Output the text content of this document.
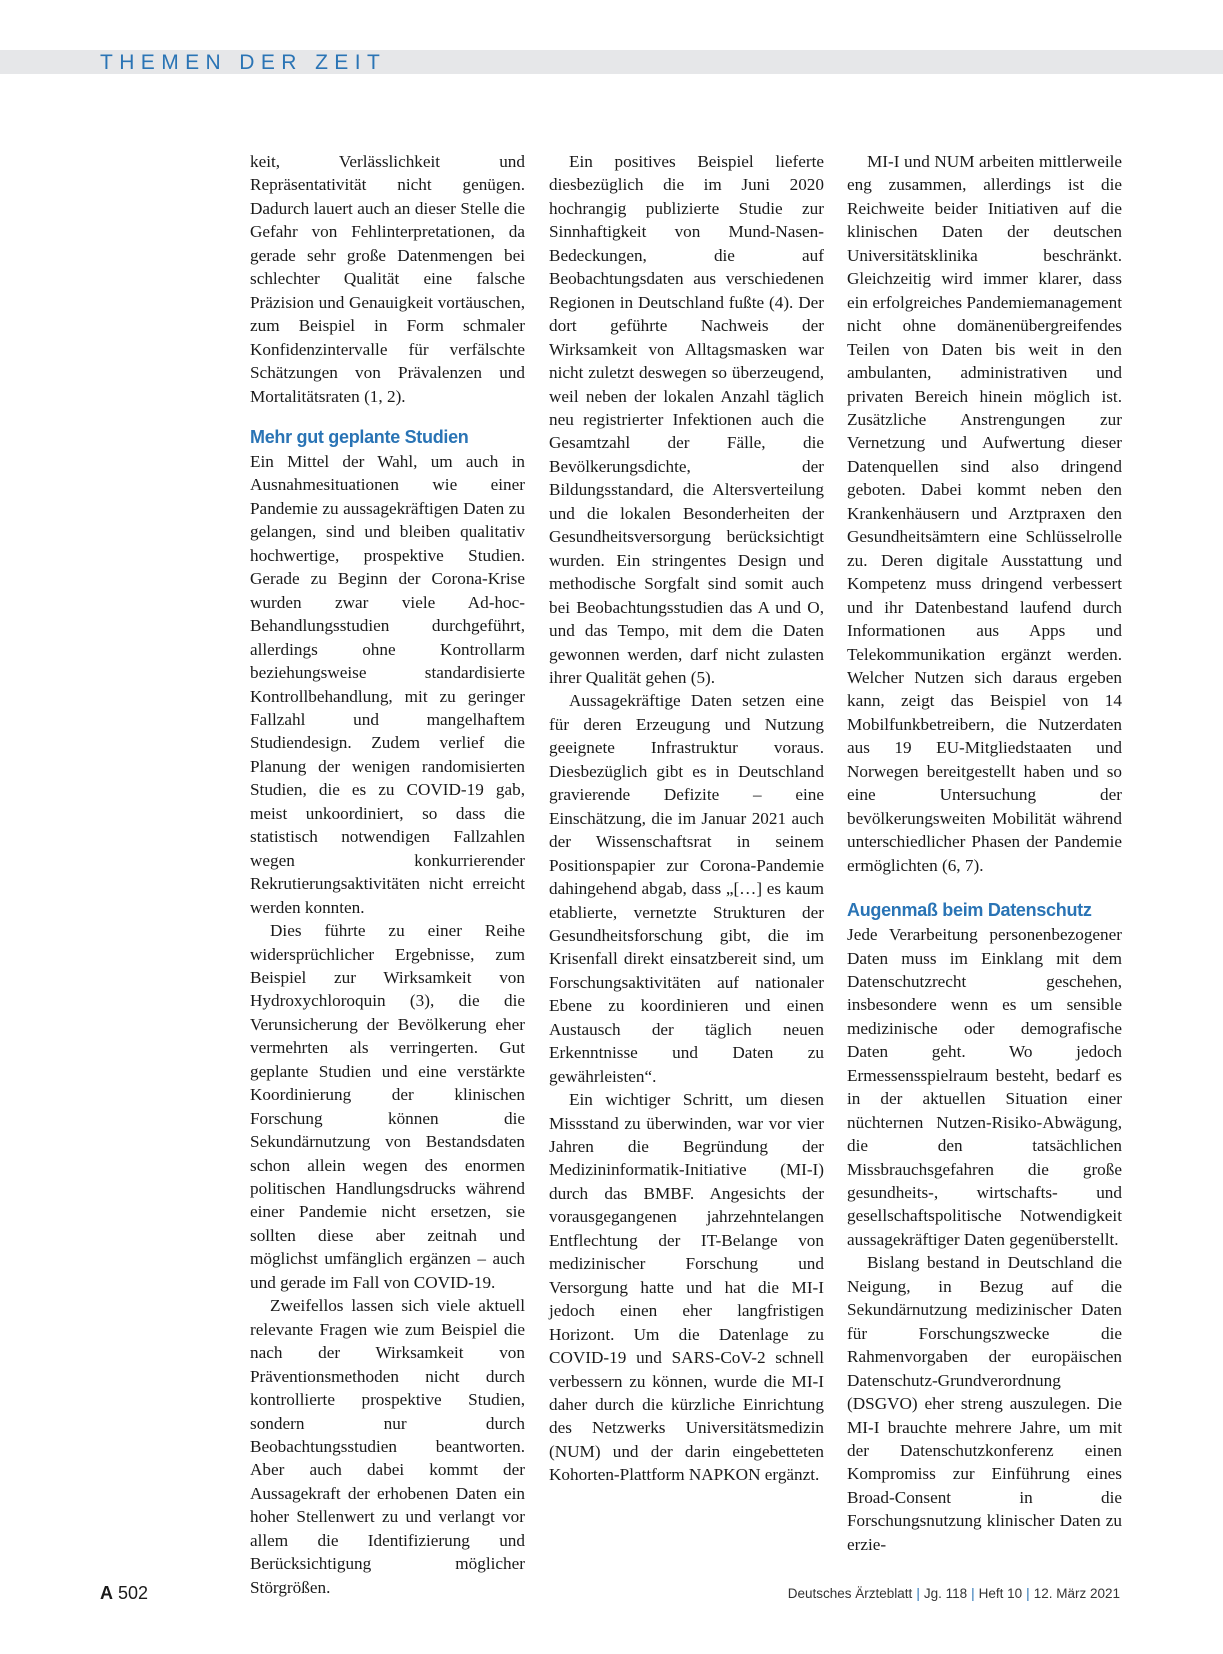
THEMEN DER ZEIT

keit, Verlässlichkeit und Repräsentativität nicht genügen. Dadurch lauert auch an dieser Stelle die Gefahr von Fehlinterpretationen, da gerade sehr große Datenmengen bei schlechter Qualität eine falsche Präzision und Genauigkeit vortäuschen, zum Beispiel in Form schmaler Konfidenzintervalle für verfälschte Schätzungen von Prävalenzen und Mortalitätsraten (1, 2).

Mehr gut geplante Studien

Ein Mittel der Wahl, um auch in Ausnahmesituationen wie einer Pandemie zu aussagekräftigen Daten zu gelangen, sind und bleiben qualitativ hochwertige, prospektive Studien. Gerade zu Beginn der Corona-Krise wurden zwar viele Ad-hoc-Behandlungsstudien durchgeführt, allerdings ohne Kontrollarm beziehungsweise standardisierte Kontrollbehandlung, mit zu geringer Fallzahl und mangelhaftem Studiendesign. Zudem verlief die Planung der wenigen randomisierten Studien, die es zu COVID-19 gab, meist unkoordiniert, so dass die statistisch notwendigen Fallzahlen wegen konkurrierender Rekrutierungsaktivitäten nicht erreicht werden konnten.

Dies führte zu einer Reihe widersprüchlicher Ergebnisse, zum Beispiel zur Wirksamkeit von Hydroxychloroquin (3), die die Verunsicherung der Bevölkerung eher vermehrten als verringerten. Gut geplante Studien und eine verstärkte Koordinierung der klinischen Forschung können die Sekundärnutzung von Bestandsdaten schon allein wegen des enormen politischen Handlungsdrucks während einer Pandemie nicht ersetzen, sie sollten diese aber zeitnah und möglichst umfänglich ergänzen – auch und gerade im Fall von COVID-19.

Zweifellos lassen sich viele aktuell relevante Fragen wie zum Beispiel die nach der Wirksamkeit von Präventionsmethoden nicht durch kontrollierte prospektive Studien, sondern nur durch Beobachtungsstudien beantworten. Aber auch dabei kommt der Aussagekraft der erhobenen Daten ein hoher Stellenwert zu und verlangt vor allem die Identifizierung und Berücksichtigung möglicher Störgrößen.

Ein positives Beispiel lieferte diesbezüglich die im Juni 2020 hochrangig publizierte Studie zur Sinnhaftigkeit von Mund-Nasen-Bedeckungen, die auf Beobachtungsdaten aus verschiedenen Regionen in Deutschland fußte (4). Der dort geführte Nachweis der Wirksamkeit von Alltagsmasken war nicht zuletzt deswegen so überzeugend, weil neben der lokalen Anzahl täglich neu registrierter Infektionen auch die Gesamtzahl der Fälle, die Bevölkerungsdichte, der Bildungsstandard, die Altersverteilung und die lokalen Besonderheiten der Gesundheitsversorgung berücksichtigt wurden. Ein stringentes Design und methodische Sorgfalt sind somit auch bei Beobachtungsstudien das A und O, und das Tempo, mit dem die Daten gewonnen werden, darf nicht zulasten ihrer Qualität gehen (5).

Aussagekräftige Daten setzen eine für deren Erzeugung und Nutzung geeignete Infrastruktur voraus. Diesbezüglich gibt es in Deutschland gravierende Defizite – eine Einschätzung, die im Januar 2021 auch der Wissenschaftsrat in seinem Positionspapier zur Corona-Pandemie dahingehend abgab, dass „[…] es kaum etablierte, vernetzte Strukturen der Gesundheitsforschung gibt, die im Krisenfall direkt einsatzbereit sind, um Forschungsaktivitäten auf nationaler Ebene zu koordinieren und einen Austausch der täglich neuen Erkenntnisse und Daten zu gewährleisten“.

Ein wichtiger Schritt, um diesen Missstand zu überwinden, war vor vier Jahren die Begründung der Medizininformatik-Initiative (MI-I) durch das BMBF. Angesichts der vorausgegangenen jahrzehntelangen Entflechtung der IT-Belange von medizinischer Forschung und Versorgung hatte und hat die MI-I jedoch einen eher langfristigen Horizont. Um die Datenlage zu COVID-19 und SARS-CoV-2 schnell verbessern zu können, wurde die MI-I daher durch die kürzliche Einrichtung des Netzwerks Universitätsmedizin (NUM) und der darin eingebetteten Kohorten-Plattform NAPKON ergänzt.

MI-I und NUM arbeiten mittlerweile eng zusammen, allerdings ist die Reichweite beider Initiativen auf die klinischen Daten der deutschen Universitätsklinika beschränkt. Gleichzeitig wird immer klarer, dass ein erfolgreiches Pandemiemanagement nicht ohne domänenübergreifendes Teilen von Daten bis weit in den ambulanten, administrativen und privaten Bereich hinein möglich ist. Zusätzliche Anstrengungen zur Vernetzung und Aufwertung dieser Datenquellen sind also dringend geboten. Dabei kommt neben den Krankenhäusern und Arztpraxen den Gesundheitsämtern eine Schlüsselrolle zu. Deren digitale Ausstattung und Kompetenz muss dringend verbessert und ihr Datenbestand laufend durch Informationen aus Apps und Telekommunikation ergänzt werden. Welcher Nutzen sich daraus ergeben kann, zeigt das Beispiel von 14 Mobilfunkbetreibern, die Nutzerdaten aus 19 EU-Mitgliedstaaten und Norwegen bereitgestellt haben und so eine Untersuchung der bevölkerungsweiten Mobilität während unterschiedlicher Phasen der Pandemie ermöglichten (6, 7).

Augenmaß beim Datenschutz

Jede Verarbeitung personenbezogener Daten muss im Einklang mit dem Datenschutzrecht geschehen, insbesondere wenn es um sensible medizinische oder demografische Daten geht. Wo jedoch Ermessensspielraum besteht, bedarf es in der aktuellen Situation einer nüchternen Nutzen-Risiko-Abwägung, die den tatsächlichen Missbrauchsgefahren die große gesundheits-, wirtschafts- und gesellschaftspolitische Notwendigkeit aussagekräftiger Daten gegenüberstellt.

Bislang bestand in Deutschland die Neigung, in Bezug auf die Sekundärnutzung medizinischer Daten für Forschungszwecke die Rahmenvorgaben der europäischen Datenschutz-Grundverordnung (DSGVO) eher streng auszulegen. Die MI-I brauchte mehrere Jahre, um mit der Datenschutzkonferenz einen Kompromiss zur Einführung eines Broad-Consent in die Forschungsnutzung klinischer Daten zu erzie-

A 502	Deutsches Ärzteblatt | Jg. 118 | Heft 10 | 12. März 2021
